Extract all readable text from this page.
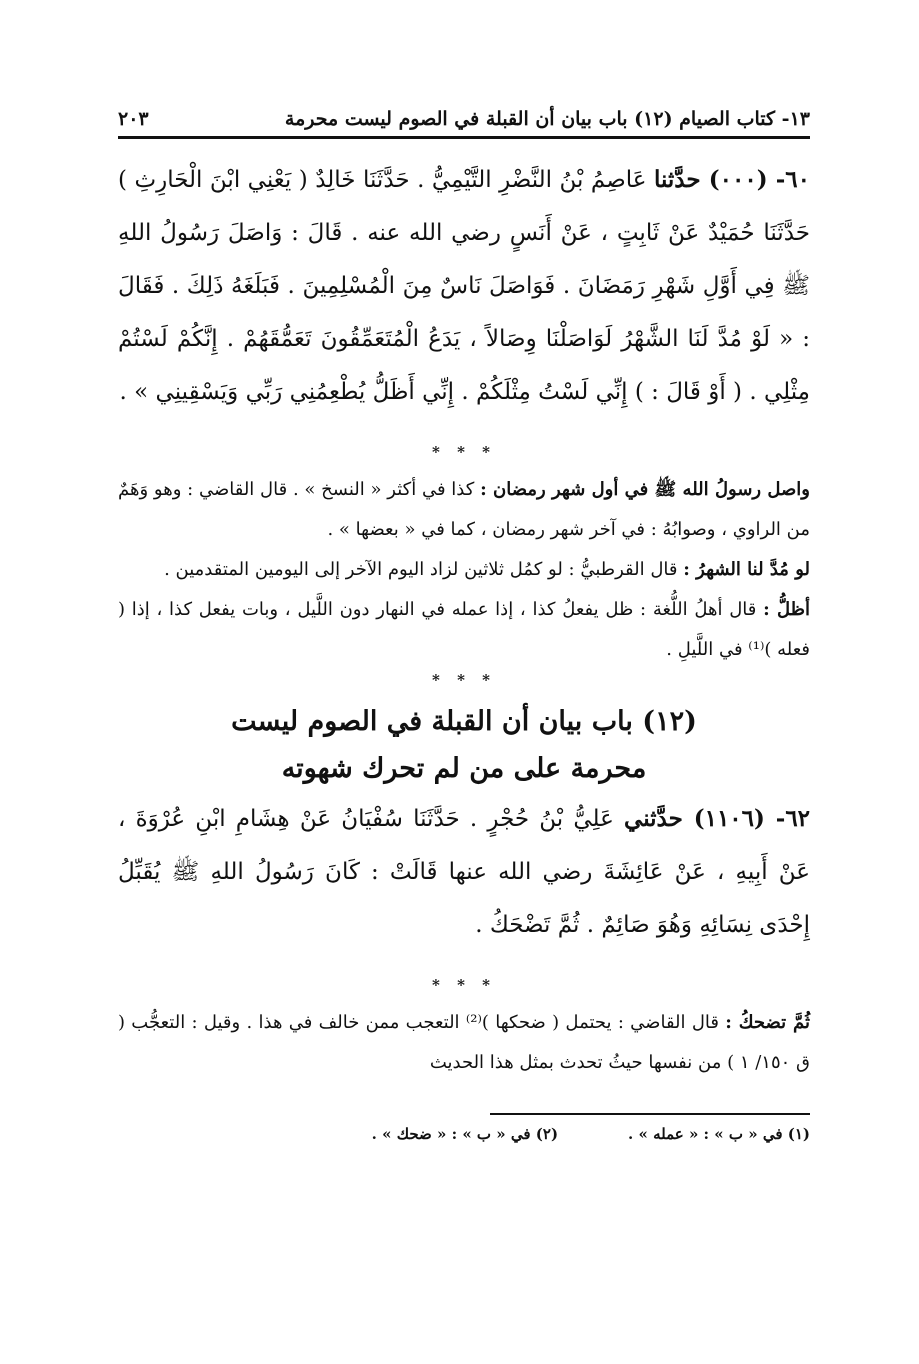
١٣- كتاب الصيام (١٢) باب بيان أن القبلة في الصوم ليست محرمة
٢٠٣

٦٠- (٠٠٠) حدَّثنا عَاصِمُ بْنُ النَّضْرِ التَّيْمِيُّ . حَدَّثَنَا خَالِدٌ ( يَعْنِي ابْنَ الْحَارِثِ ) حَدَّثَنَا حُمَيْدٌ عَنْ ثَابِتٍ ، عَنْ أَنَسٍ رضي الله عنه . قَالَ : وَاصَلَ رَسُولُ اللهِ ﷺ فِي أَوَّلِ شَهْرِ رَمَضَانَ . فَوَاصَلَ نَاسٌ مِنَ الْمُسْلِمِينَ . فَبَلَغَهُ ذَلِكَ . فَقَالَ : « لَوْ مُدَّ لَنَا الشَّهْرُ لَوَاصَلْنَا وِصَالاً ، يَدَعُ الْمُتَعَمِّقُونَ تَعَمُّقَهُمْ . إِنَّكُمْ لَسْتُمْ مِثْلِي . ( أَوْ قَالَ : ) إِنِّي لَسْتُ مِثْلَكُمْ . إِنِّي أَظَلُّ يُطْعِمُنِي رَبِّي وَيَسْقِينِي » .

* * *

واصل رسولُ الله ﷺ في أول شهر رمضان : كذا في أكثر « النسخ » . قال القاضي : وهو وَهَمٌ من الراوي ، وصوابُهُ : في آخر شهر رمضان ، كما في « بعضها » .

لو مُدَّ لنا الشهرُ : قال القرطبيُّ : لو كمُل ثلاثين لزاد اليوم الآخر إلى اليومين المتقدمين .

أظلُّ : قال أهلُ اللُّغة : ظل يفعلُ كذا ، إذا عمله في النهار دون اللَّيل ، وبات يفعل كذا ، إذا ( فعله )⁽¹⁾ في اللَّيلِ .

* * *

(١٢) باب بيان أن القبلة في الصوم ليست
محرمة على من لم تحرك شهوته

٦٢- (١١٠٦) حدَّثني عَلِيُّ بْنُ حُجْرٍ . حَدَّثَنَا سُفْيَانُ عَنْ هِشَامِ ابْنِ عُرْوَةَ ، عَنْ أَبِيهِ ، عَنْ عَائِشَةَ رضي الله عنها قَالَتْ : كَانَ رَسُولُ اللهِ ﷺ يُقَبِّلُ إِحْدَى نِسَائِهِ وَهُوَ صَائِمٌ . ثُمَّ تَضْحَكُ .

* * *

ثُمَّ تضحكُ : قال القاضي : يحتمل ( ضحكها )⁽²⁾ التعجب ممن خالف في هذا . وقيل : التعجُّب ( ق ١٥٠/ ١ ) من نفسها حيثُ تحدث بمثل هذا الحديث

(١) في « ب » : « عمله » .
(٢) في « ب » : « ضحك » .
